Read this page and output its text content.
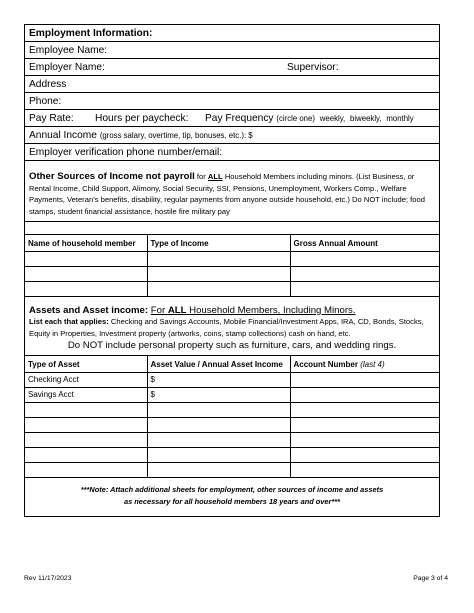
Employment Information:
Employee Name:
Employer Name:	Supervisor:
Address
Phone:
Pay Rate: Hours per paycheck: Pay Frequency (circle one) weekly, biweekly, monthly
Annual Income (gross salary, overtime, tip, bonuses, etc.): $
Employer verification phone number/email:
Other Sources of Income not payroll for ALL Household Members including minors. (List Business, or Rental Income, Child Support, Alimony, Social Security, SSI, Pensions, Unemployment, Workers Comp., Welfare Payments, Veteran’s benefits, disability, regular payments from anyone outside household, etc.) Do NOT include; food stamps, student financial assistance, hostile fire military pay
Name of household member	Type of Income	Gross Annual Amount

Assets and Asset income: For ALL Household Members, Including Minors.
List each that applies: Checking and Savings Accounts, Mobile Financial/Investment Apps, IRA, CD, Bonds, Stocks, Equity in Properties, Investment property (artworks, coins, stamp collections) cash on hand, etc.
Do NOT include personal property such as furniture, cars, and wedding rings.
Type of Asset	Asset Value / Annual Asset Income	Account Number (last 4)
Checking Acct	$	
Savings Acct	$	

***Note: Attach additional sheets for employment, other sources of income and assets
as necessary for all household members 18 years and over***
Rev 11/17/2023	Page 3 of 4
